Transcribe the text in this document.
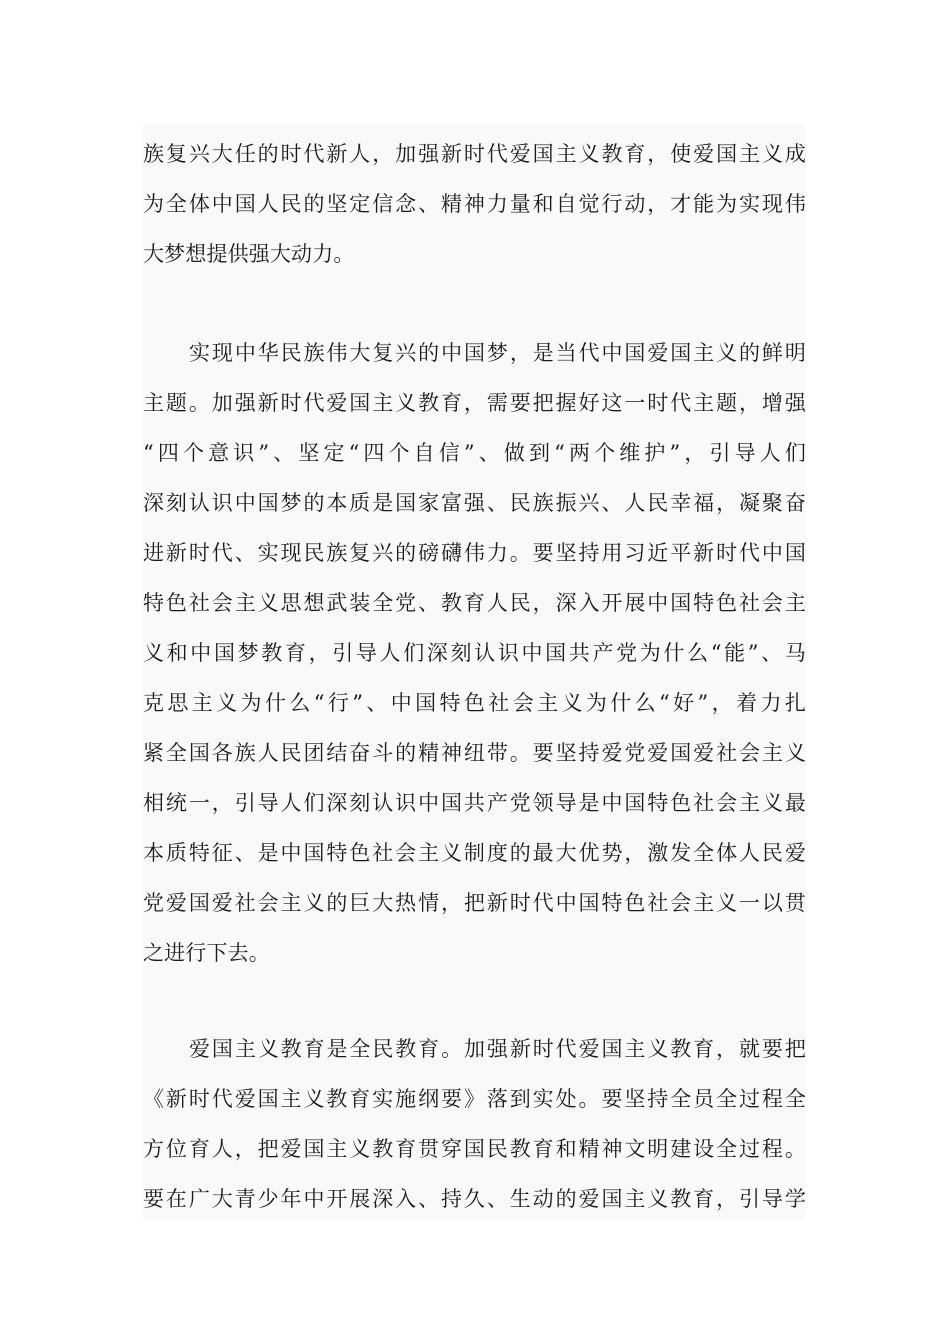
族复兴大任的时代新人，加强新时代爱国主义教育，使爱国主义成
为全体中国人民的坚定信念、精神力量和自觉行动，才能为实现伟
大梦想提供强大动力。
实现中华民族伟大复兴的中国梦，是当代中国爱国主义的鲜明
主题。加强新时代爱国主义教育，需要把握好这一时代主题，增强
“四个意识”、坚定“四个自信”、做到“两个维护”，引导人们
深刻认识中国梦的本质是国家富强、民族振兴、人民幸福，凝聚奋
进新时代、实现民族复兴的磅礴伟力。要坚持用习近平新时代中国
特色社会主义思想武装全党、教育人民，深入开展中国特色社会主
义和中国梦教育，引导人们深刻认识中国共产党为什么“能”、马
克思主义为什么“行”、中国特色社会主义为什么“好”，着力扎
紧全国各族人民团结奋斗的精神纽带。要坚持爱党爱国爱社会主义
相统一，引导人们深刻认识中国共产党领导是中国特色社会主义最
本质特征、是中国特色社会主义制度的最大优势，激发全体人民爱
党爱国爱社会主义的巨大热情，把新时代中国特色社会主义一以贯
之进行下去。
爱国主义教育是全民教育。加强新时代爱国主义教育，就要把
《新时代爱国主义教育实施纲要》落到实处。要坚持全员全过程全
方位育人，把爱国主义教育贯穿国民教育和精神文明建设全过程。
要在广大青少年中开展深入、持久、生动的爱国主义教育，引导学
